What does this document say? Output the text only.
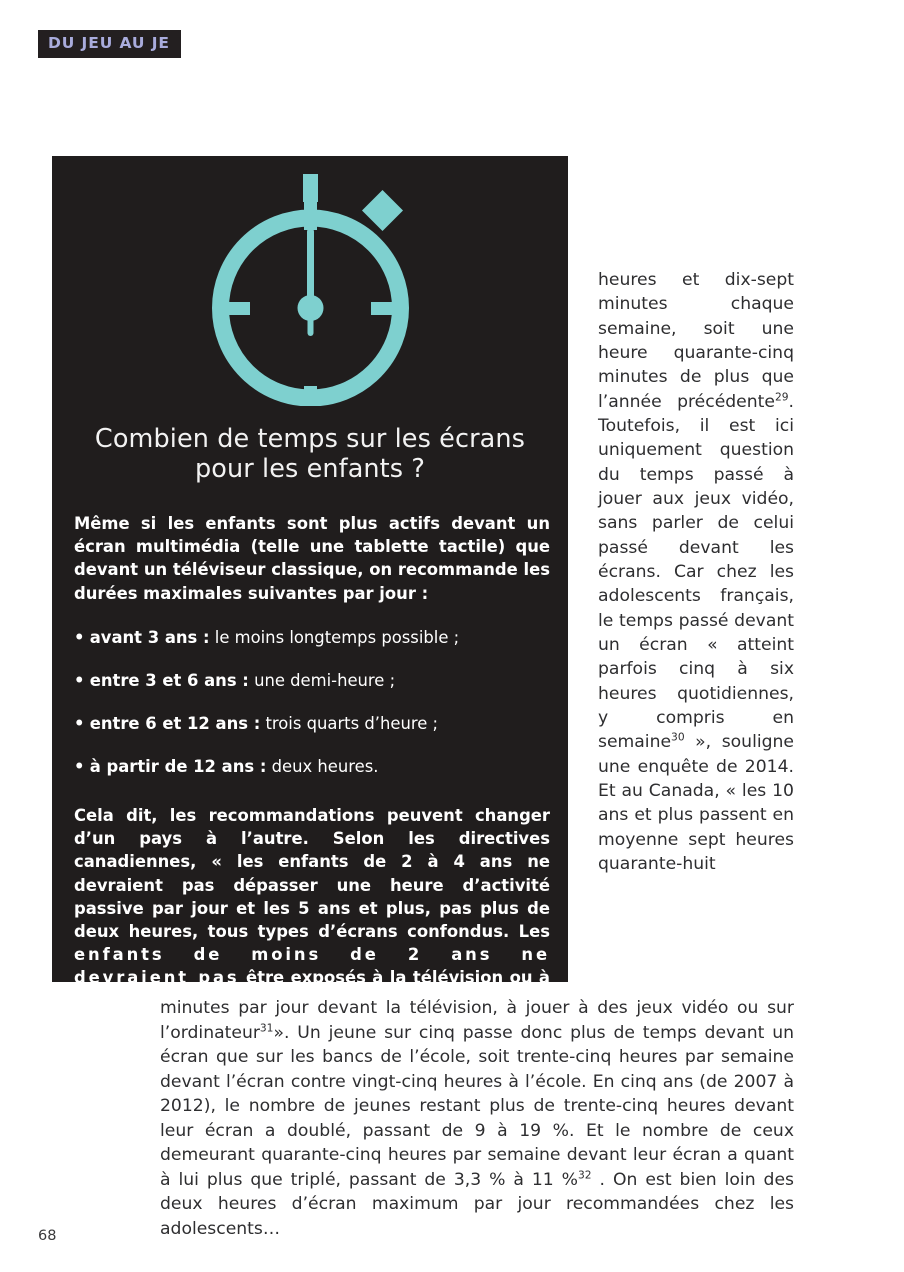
DU JEU AU JE
Combien de temps sur les écrans pour les enfants ?

Même si les enfants sont plus actifs devant un écran multimédia (telle une tablette tactile) que devant un téléviseur classique, on recommande les durées maximales suivantes par jour :

• avant 3 ans : le moins longtemps possible ;
• entre 3 et 6 ans : une demi-heure ;
• entre 6 et 12 ans : trois quarts d’heure ;
• à partir de 12 ans : deux heures.

Cela dit, les recommandations peuvent changer d’un pays à l’autre. Selon les directives canadiennes, « les enfants de 2 à 4 ans ne devraient pas dépasser une heure d’activité passive par jour et les 5 ans et plus, pas plus de deux heures, tous types d’écrans confondus. Les enfants de moins de 2 ans ne devraient pas être exposés à la télévision ou à l’ordinateur ».

heures et dix-sept minutes chaque semaine, soit une heure quarante-cinq minutes de plus que l’année précédente$^{29}$. Toutefois, il est ici uniquement question du temps passé à jouer aux jeux vidéo, sans parler de celui passé devant les écrans. Car chez les adolescents français, le temps passé devant un écran « atteint parfois cinq à six heures quotidiennes, y compris en semaine$^{30}$ », souligne une enquête de 2014. Et au Canada, « les 10 ans et plus passent en moyenne sept heures quarante-huit

minutes par jour devant la télévision, à jouer à des jeux vidéo ou sur l’ordinateur$^{31}$». Un jeune sur cinq passe donc plus de temps devant un écran que sur les bancs de l’école, soit trente-cinq heures par semaine devant l’écran contre vingt-cinq heures à l’école. En cinq ans (de 2007 à 2012), le nombre de jeunes restant plus de trente-cinq heures devant leur écran a doublé, passant de 9 à 19 %. Et le nombre de ceux demeurant quarante-cinq heures par semaine devant leur écran a quant à lui plus que triplé, passant de 3,3 % à 11 %$^{32}$ . On est bien loin des deux heures d’écran maximum par jour recommandées chez les adolescents…

68
